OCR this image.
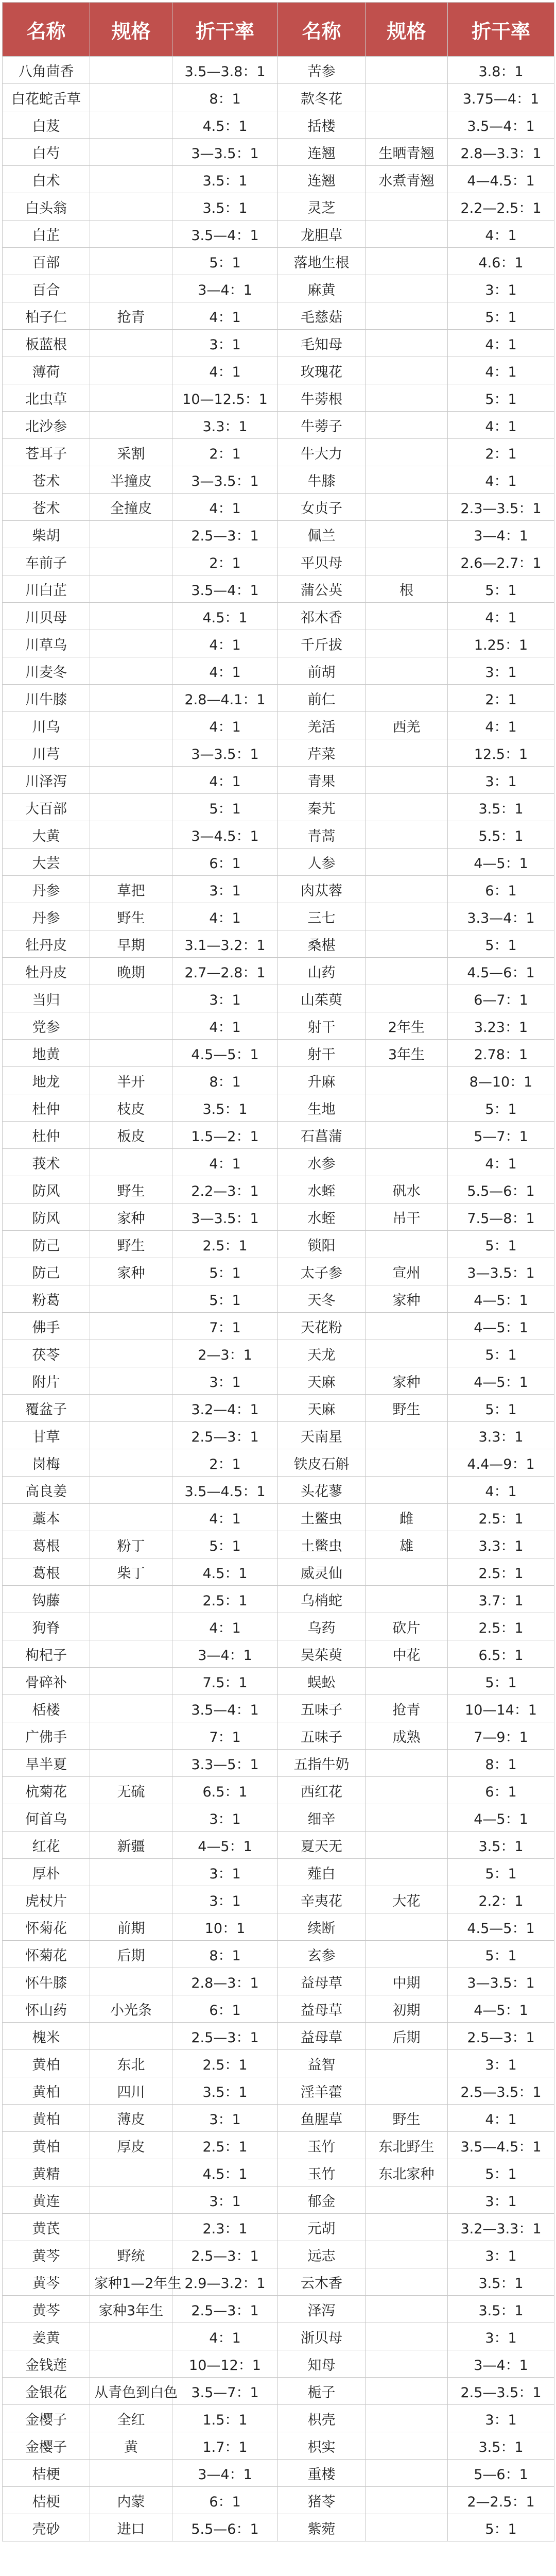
名称	规格	折干率	名称	规格	折干率
八角茴香		3.5—3.8：1	苦参		3.8：1
白花蛇舌草		8：1	款冬花		3.75—4：1
白芨		4.5：1	括楼		3.5—4：1
白芍		3—3.5：1	连翘	生晒青翘	2.8—3.3：1
白术		3.5：1	连翘	水煮青翘	4—4.5：1
白头翁		3.5：1	灵芝		2.2—2.5：1
白芷		3.5—4：1	龙胆草		4：1
百部		5：1	落地生根		4.6：1
百合		3—4：1	麻黄		3：1
柏子仁	抢青	4：1	毛慈菇		5：1
板蓝根		3：1	毛知母		4：1
薄荷		4：1	玫瑰花		4：1
北虫草		10—12.5：1	牛蒡根		5：1
北沙参		3.3：1	牛蒡子		4：1
苍耳子	采割	2：1	牛大力		2：1
苍术	半撞皮	3—3.5：1	牛膝		4：1
苍术	全撞皮	4：1	女贞子		2.3—3.5：1
柴胡		2.5—3：1	佩兰		3—4：1
车前子		2：1	平贝母		2.6—2.7：1
川白芷		3.5—4：1	蒲公英	根	5：1
川贝母		4.5：1	祁木香		4：1
川草乌		4：1	千斤拔		1.25：1
川麦冬		4：1	前胡		3：1
川牛膝		2.8—4.1：1	前仁		2：1
川乌		4：1	羌活	西羌	4：1
川芎		3—3.5：1	芹菜		12.5：1
川泽泻		4：1	青果		3：1
大百部		5：1	秦艽		3.5：1
大黄		3—4.5：1	青蒿		5.5：1
大芸		6：1	人参		4—5：1
丹参	草把	3：1	肉苁蓉		6：1
丹参	野生	4：1	三七		3.3—4：1
牡丹皮	早期	3.1—3.2：1	桑椹		5：1
牡丹皮	晚期	2.7—2.8：1	山药		4.5—6：1
当归		3：1	山茱萸		6—7：1
党参		4：1	射干	2年生	3.23：1
地黄		4.5—5：1	射干	3年生	2.78：1
地龙	半开	8：1	升麻		8—10：1
杜仲	枝皮	3.5：1	生地		5：1
杜仲	板皮	1.5—2：1	石菖蒲		5—7：1
莪术		4：1	水参		4：1
防风	野生	2.2—3：1	水蛭	矾水	5.5—6：1
防风	家种	3—3.5：1	水蛭	吊干	7.5—8：1
防己	野生	2.5：1	锁阳		5：1
防己	家种	5：1	太子参	宣州	3—3.5：1
粉葛		5：1	天冬	家种	4—5：1
佛手		7：1	天花粉		4—5：1
茯苓		2—3：1	天龙		5：1
附片		3：1	天麻	家种	4—5：1
覆盆子		3.2—4：1	天麻	野生	5：1
甘草		2.5—3：1	天南星		3.3：1
岗梅		2：1	铁皮石斛		4.4—9：1
高良姜		3.5—4.5：1	头花蓼		4：1
藁本		4：1	土鳖虫	雌	2.5：1
葛根	粉丁	5：1	土鳖虫	雄	3.3：1
葛根	柴丁	4.5：1	威灵仙		2.5：1
钩藤		2.5：1	乌梢蛇		3.7：1
狗脊		4：1	乌药	砍片	2.5：1
枸杞子		3—4：1	吴茱萸	中花	6.5：1
骨碎补		7.5：1	蜈蚣		5：1
栝楼		3.5—4：1	五味子	抢青	10—14：1
广佛手		7：1	五味子	成熟	7—9：1
旱半夏		3.3—5：1	五指牛奶		8：1
杭菊花	无硫	6.5：1	西红花		6：1
何首乌		3：1	细辛		4—5：1
红花	新疆	4—5：1	夏天无		3.5：1
厚朴		3：1	薤白		5：1
虎杖片		3：1	辛夷花	大花	2.2：1
怀菊花	前期	10：1	续断		4.5—5：1
怀菊花	后期	8：1	玄参		5：1
怀牛膝		2.8—3：1	益母草	中期	3—3.5：1
怀山药	小光条	6：1	益母草	初期	4—5：1
槐米		2.5—3：1	益母草	后期	2.5—3：1
黄柏	东北	2.5：1	益智		3：1
黄柏	四川	3.5：1	淫羊藿		2.5—3.5：1
黄柏	薄皮	3：1	鱼腥草	野生	4：1
黄柏	厚皮	2.5：1	玉竹	东北野生	3.5—4.5：1
黄精		4.5：1	玉竹	东北家种	5：1
黄连		3：1	郁金		3：1
黄芪		2.3：1	元胡		3.2—3.3：1
黄芩	野统	2.5—3：1	远志		3：1
黄芩	家种1—2年生	2.9—3.2：1	云木香		3.5：1
黄芩	家种3年生	2.5—3：1	泽泻		3.5：1
姜黄		4：1	浙贝母		3：1
金钱莲		10—12：1	知母		3—4：1
金银花	从青色到白色	3.5—7：1	栀子		2.5—3.5：1
金樱子	全红	1.5：1	枳壳		3：1
金樱子	黄	1.7：1	枳实		3.5：1
桔梗		3—4：1	重楼		5—6：1
桔梗	内蒙	6：1	猪苓		2—2.5：1
壳砂	进口	5.5—6：1	紫菀		5：1
